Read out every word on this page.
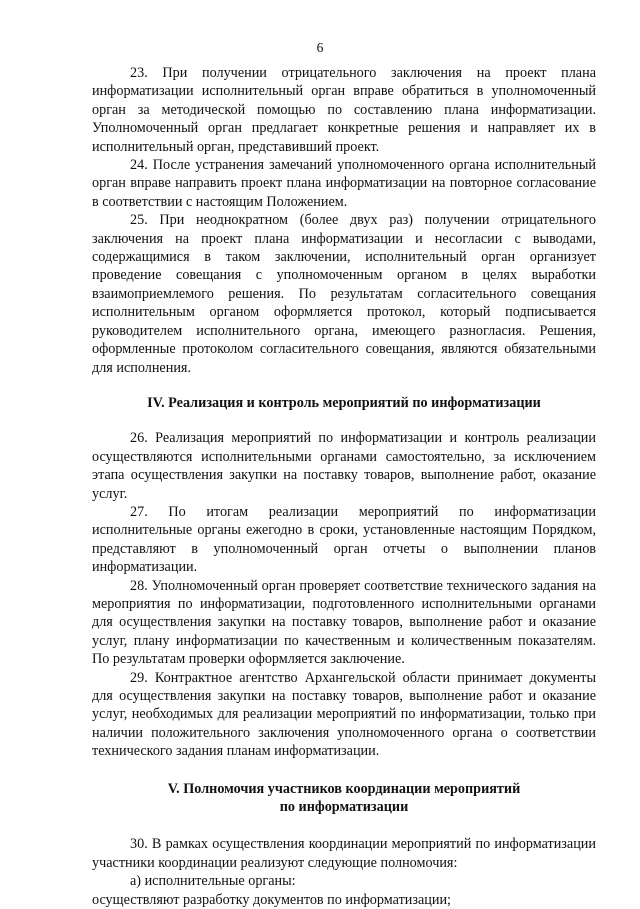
6

23. При получении отрицательного заключения на проект плана информатизации исполнительный орган вправе обратиться в уполномоченный орган за методической помощью по составлению плана информатизации. Уполномоченный орган предлагает конкретные решения и направляет их в исполнительный орган, представивший проект.

24. После устранения замечаний уполномоченного органа исполнительный орган вправе направить проект плана информатизации на повторное согласование в соответствии с настоящим Положением.

25. При неоднократном (более двух раз) получении отрицательного заключения на проект плана информатизации и несогласии с выводами, содержащимися в таком заключении, исполнительный орган организует проведение совещания с уполномоченным органом в целях выработки взаимоприемлемого решения. По результатам согласительного совещания исполнительным органом оформляется протокол, который подписывается руководителем исполнительного органа, имеющего разногласия. Решения, оформленные протоколом согласительного совещания, являются обязательными для исполнения.

IV. Реализация и контроль мероприятий по информатизации

26. Реализация мероприятий по информатизации и контроль реализации осуществляются исполнительными органами самостоятельно, за исключением этапа осуществления закупки на поставку товаров, выполнение работ, оказание услуг.

27. По итогам реализации мероприятий по информатизации исполнительные органы ежегодно в сроки, установленные настоящим Порядком, представляют в уполномоченный орган отчеты о выполнении планов информатизации.

28. Уполномоченный орган проверяет соответствие технического задания на мероприятия по информатизации, подготовленного исполнительными органами для осуществления закупки на поставку товаров, выполнение работ и оказание услуг, плану информатизации по качественным и количественным показателям. По результатам проверки оформляется заключение.

29. Контрактное агентство Архангельской области принимает документы для осуществления закупки на поставку товаров, выполнение работ и оказание услуг, необходимых для реализации мероприятий по информатизации, только при наличии положительного заключения уполномоченного органа о соответствии технического задания планам информатизации.

V. Полномочия участников координации мероприятий
по информатизации

30. В рамках осуществления координации мероприятий по информатизации участники координации реализуют следующие полномочия:

а) исполнительные органы:

осуществляют разработку документов по информатизации;
